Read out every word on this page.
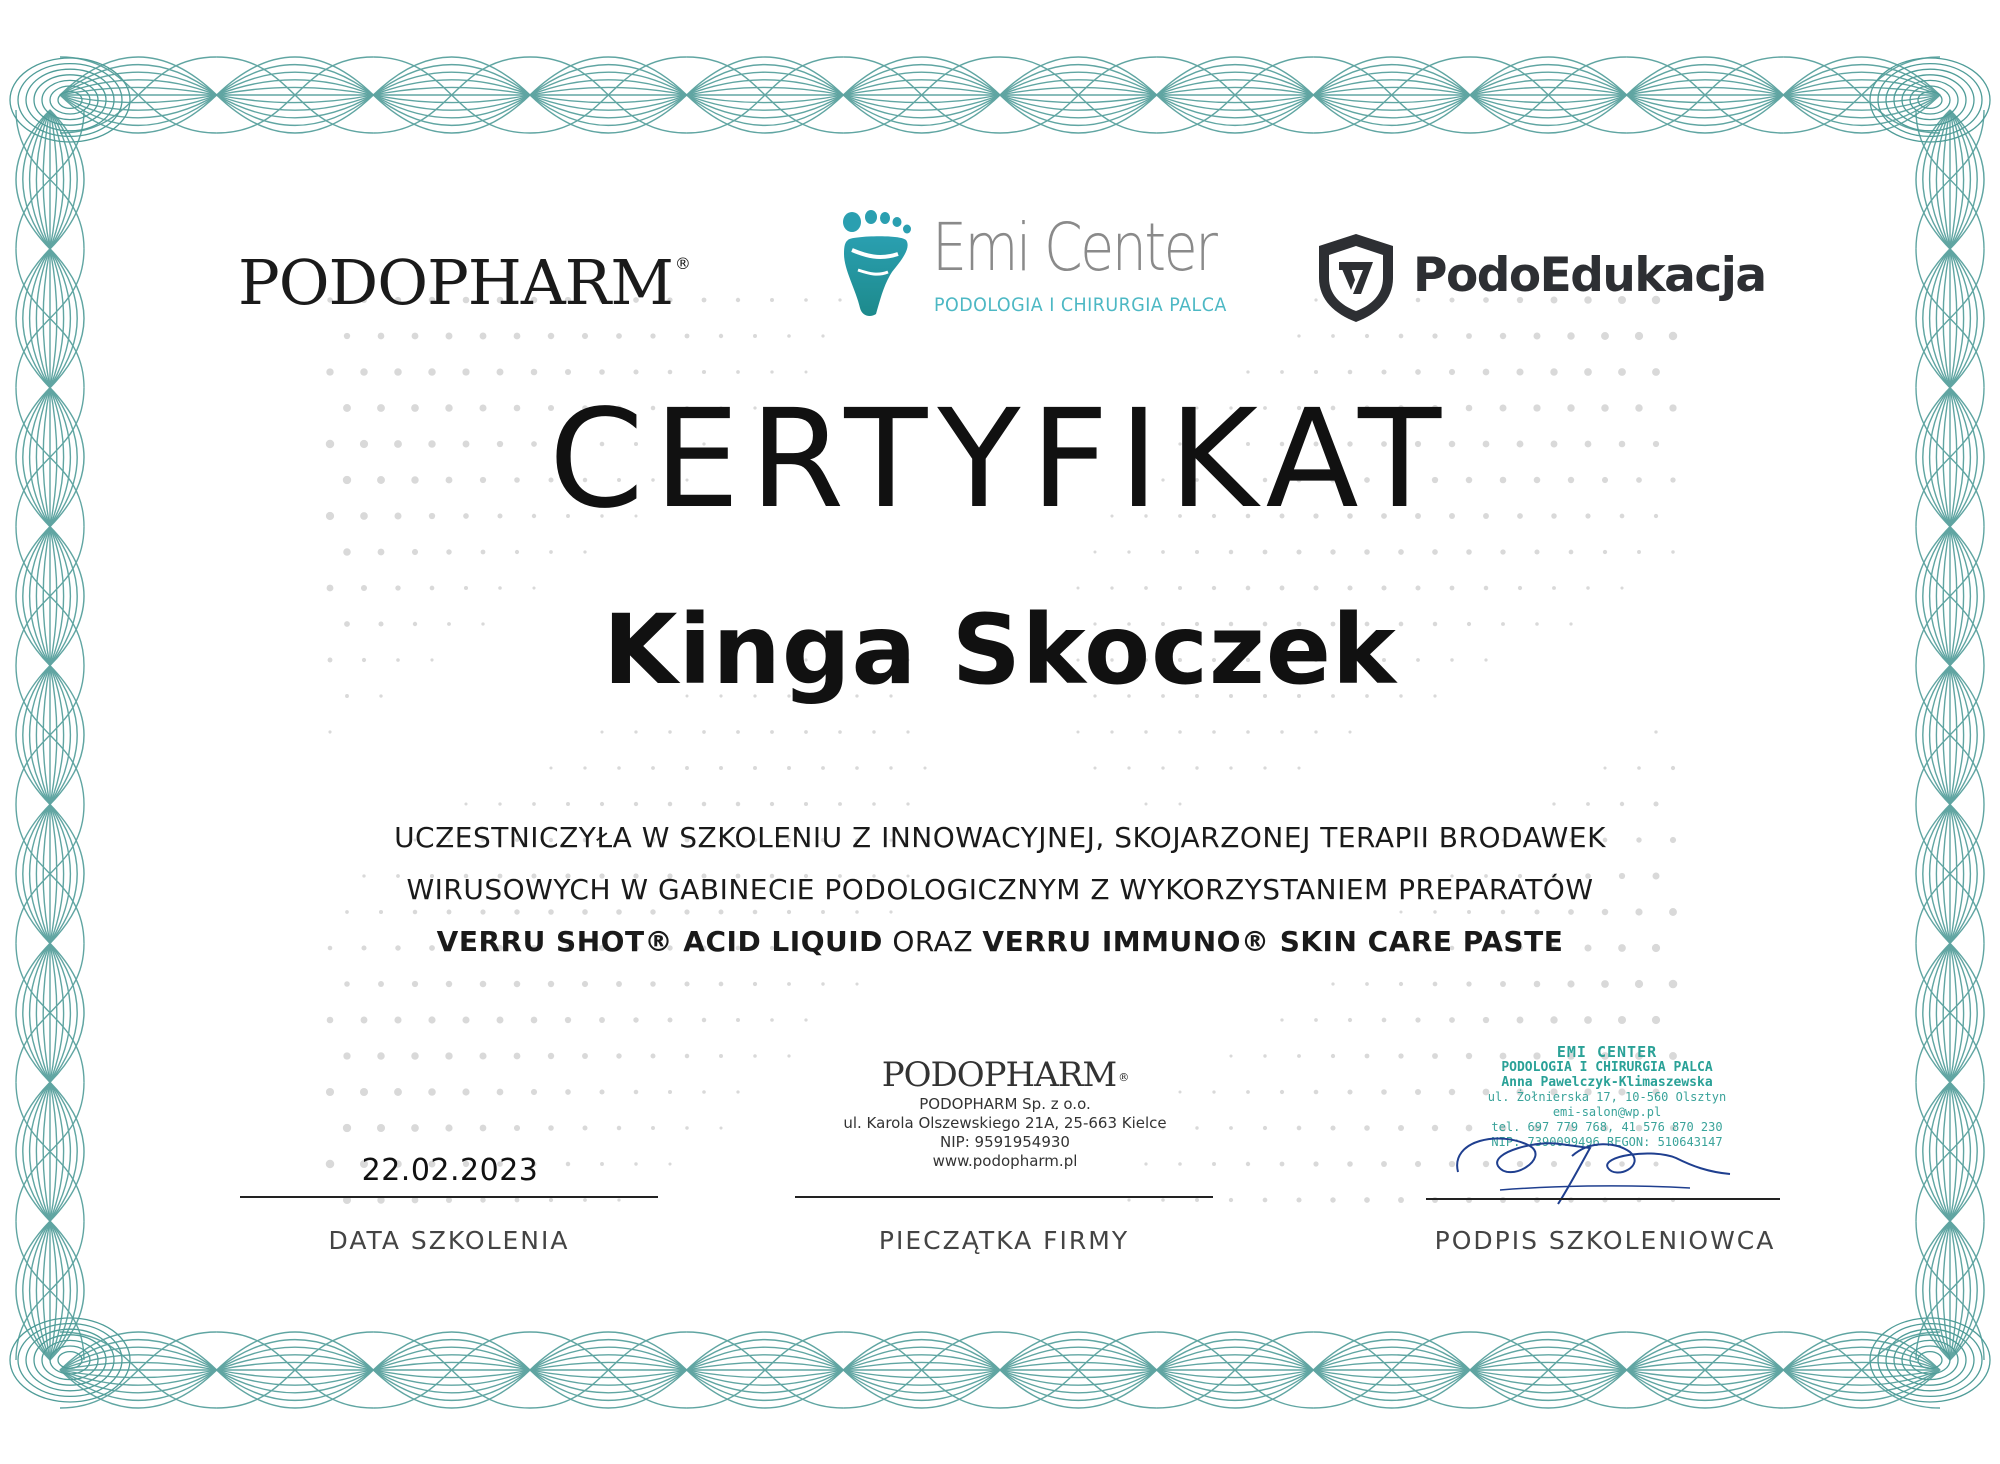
PODOPHARM ®	Emi Center
PODOLOGIA I CHIRURGIA PALCA
PodoEdukacja
CERTYFIKAT
Kinga Skoczek
UCZESTNICZYŁA W SZKOLENIU Z INNOWACYJNEJ, SKOJARZONEJ TERAPII BRODAWEK
WIRUSOWYCH W GABINECIE PODOLOGICZNYM Z WYKORZYSTANIEM PREPARATÓW
VERRU SHOT® ACID LIQUID ORAZ VERRU IMMUNO® SKIN CARE PASTE
PODOPHARM ®
PODOPHARM Sp. z o.o.
ul. Karola Olszewskiego 21A, 25-663 Kielce
NIP: 9591954930
www.podopharm.pl
EMI CENTER
PODOLOGIA I CHIRURGIA PALCA
Anna Pawelczyk-Klimaszewska
ul. Żołnierska 17, 10-560 Olsztyn
emi-salon@wp.pl
tel. 697 779 768, 41 576 870 230
NIP: 7390099496 REGON: 510643147
22.02.2023
DATA SZKOLENIA	PIECZĄTKA FIRMY	PODPIS SZKOLENIOWCA
